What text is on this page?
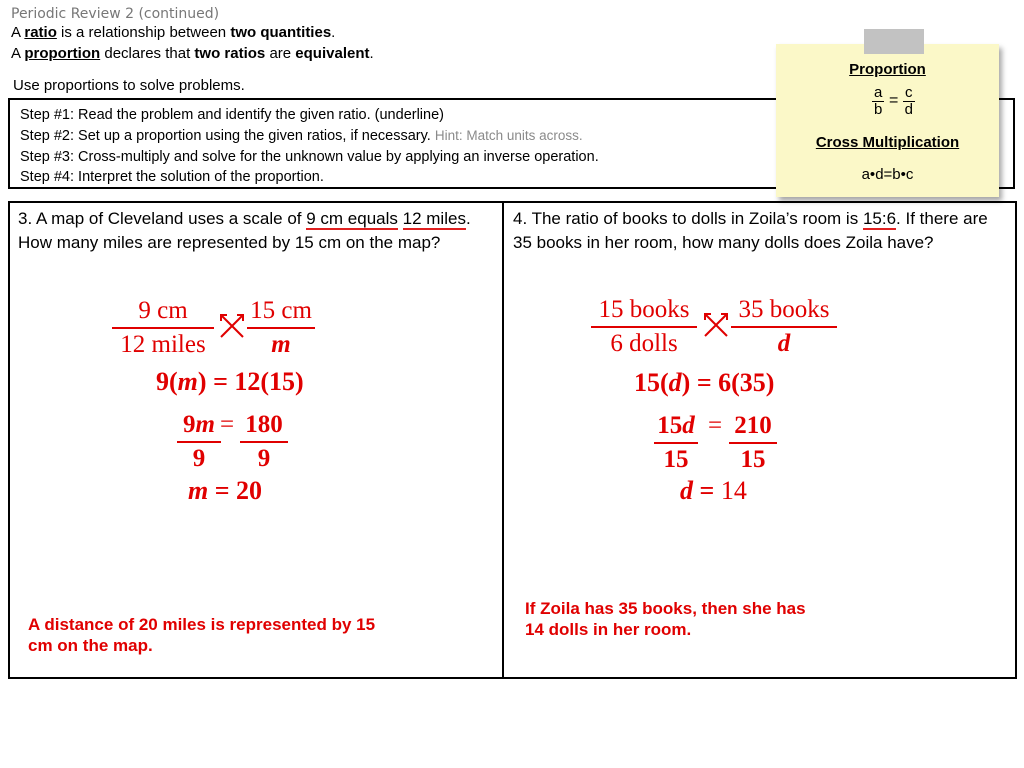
Periodic Review 2 (continued)
A ratio is a relationship between two quantities.
A proportion declares that two ratios are equivalent.
Use proportions to solve problems.
Step #1: Read the problem and identify the given ratio. (underline)
Step #2: Set up a proportion using the given ratios, if necessary. Hint: Match units across.
Step #3: Cross-multiply and solve for the unknown value by applying an inverse operation.
Step #4: Interpret the solution of the proportion.
Proportion
$\frac{a}{b} = \frac{c}{d}$
Cross Multiplication
a•d=b•c
3. A map of Cleveland uses a scale of 9 cm equals 12 miles. How many miles are represented by 15 cm on the map?
9 cm
12 miles	$\frac{15 cm}{m}$
9(m) = 12(15)
9m
9
= $\frac{180}{9}$
m = 20
A distance of 20 miles is represented by 15 cm on the map.
4. The ratio of books to dolls in Zoila’s room is 15:6. If there are 35 books in her room, how many dolls does Zoila have?
15 books
6 dolls
35 books
d
15(d) = 6(35)
15d
15
= $\frac{210}{15}$
d = 14
If Zoila has 35 books, then she has 14 dolls in her room.
